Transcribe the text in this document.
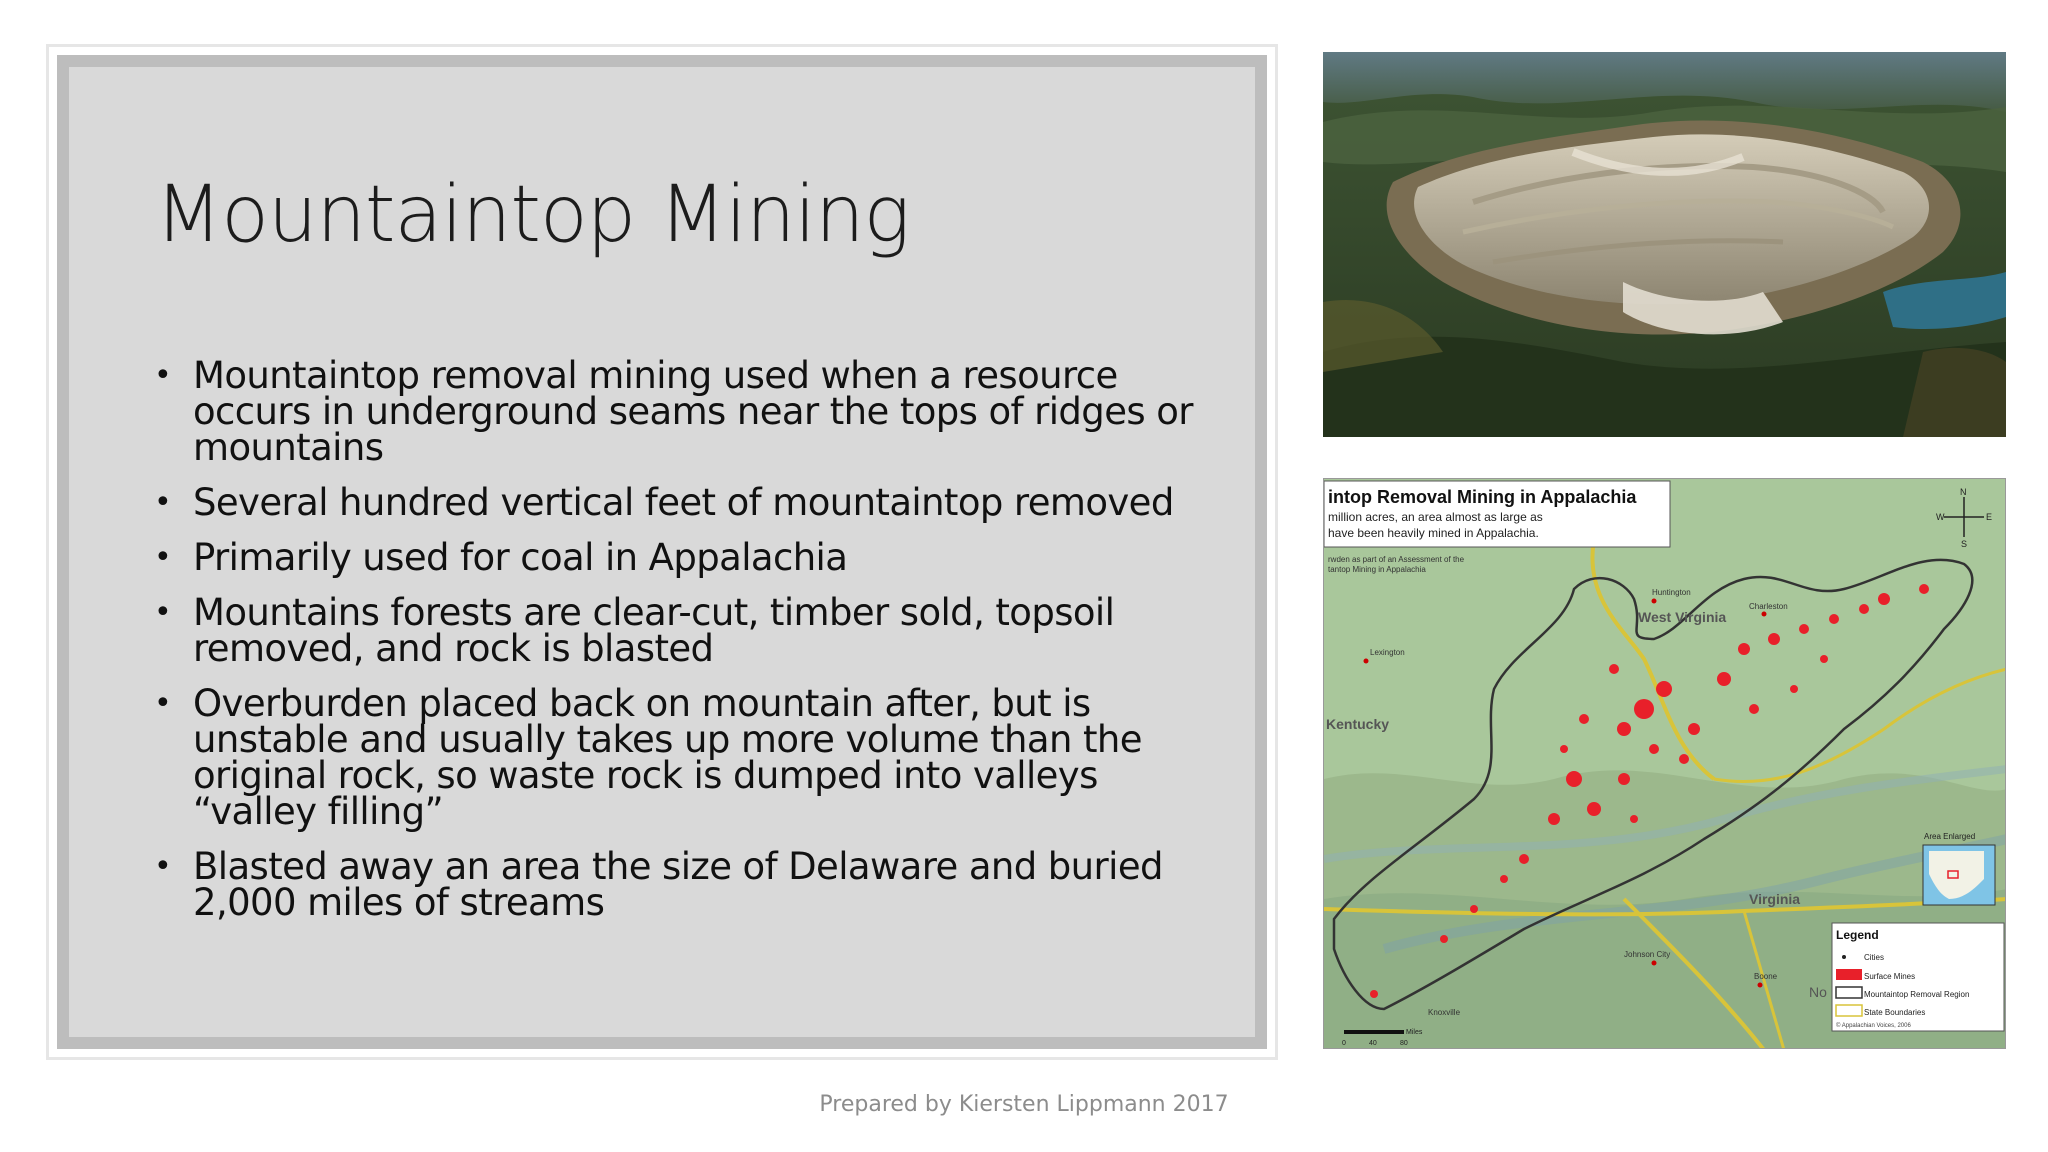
Mountaintop Mining
• Mountaintop removal mining used when a resource occurs in underground seams near the tops of ridges or mountains
• Several hundred vertical feet of mountaintop removed
• Primarily used for coal in Appalachia
• Mountains forests are clear-cut, timber sold, topsoil removed, and rock is blasted
• Overburden placed back on mountain after, but is unstable and usually takes up more volume than the original rock, so waste rock is dumped into valleys “valley filling”
• Blasted away an area the size of Delaware and buried 2,000 miles of streams
intop Removal Mining in Appalachia
million acres, an area almost as large as
have been heavily mined in Appalachia.
rwden as part of an Assessment of the
tantop Mining in Appalachia
N
W	E
S
West Virginia
Kentucky
Virginia
Huntington
Charleston
Lexington
Knoxville
Johnson City
Boone
No
Area Enlarged
Legend
Cities
Surface Mines
Mountaintop Removal Region
State Boundaries
© Appalachian Voices, 2006
Miles
0	40	80
Prepared by Kiersten Lippmann 2017
